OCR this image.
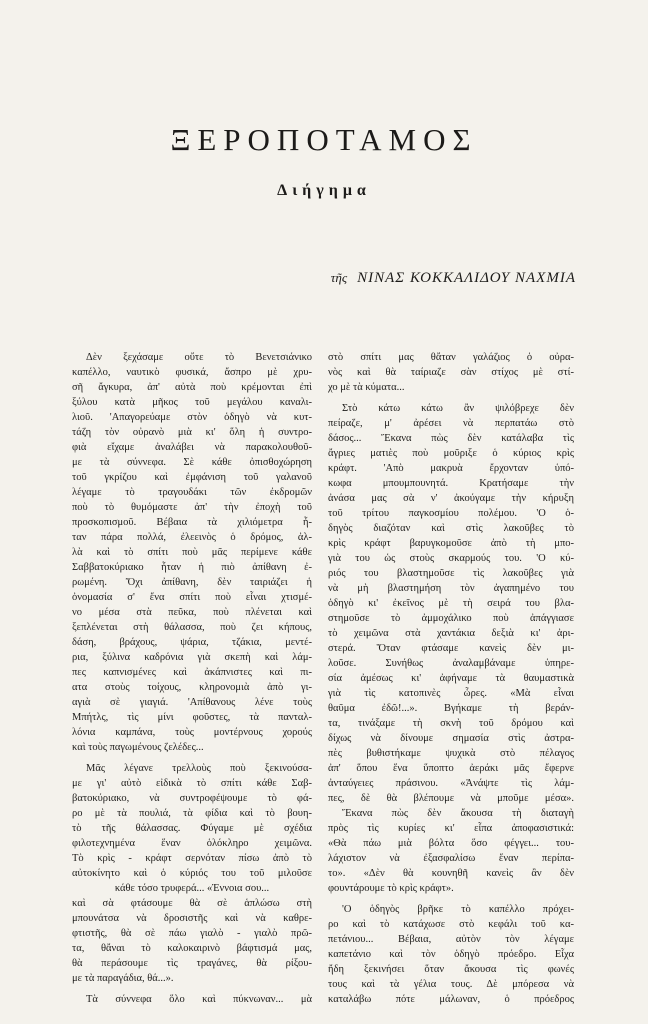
ΞΕΡΟΠΟΤΑΜΟΣ
Διήγημα
τῆς ΝΙΝΑΣ ΚΟΚΚΑΛΙΔΟΥ ΝΑΧΜΙΑ
Δὲν ξεχάσαμε οὔτε τὸ Βενετσιάνικο
καπέλλο, ναυτικὸ φυσικά, ἄσπρο μὲ χρυ-
σῆ ἄγκυρα, ἀπ' αὐτὰ ποὺ κρέμονται ἐπὶ
ξύλου κατὰ μῆκος τοῦ μεγάλου καναλι-
λιοῦ. 'Απαγορεύαμε στὸν ὁδηγὸ νὰ κυτ-
τάζη τὸν οὐρανὸ μιὰ κι' ὅλη ἡ συντρο-
φιὰ εἴχαμε ἀναλάβει νὰ παρακολουθοῦ-
με τὰ σύννεφα. Σὲ κάθε ὀπισθοχώρηση
τοῦ γκρίζου καὶ ἐμφάνιση τοῦ γαλανοῦ
λέγαμε τὸ τραγουδάκι τῶν ἐκδρομῶν
ποὺ τὸ θυμόμαστε ἀπ' τὴν ἐποχὴ τοῦ
προσκοπισμοῦ. Βέβαια τὰ χιλιόμετρα ἦ-
ταν πάρα πολλά, ἐλεεινὸς ὁ δρόμος, ἀλ-
λὰ καὶ τὸ σπίτι ποὺ μᾶς περίμενε κάθε
Σαββατοκύριακο ἦταν ἡ πιὸ ἀπίθανη ἐ-
ρωμένη. Ὄχι ἀπίθανη, δὲν ταιριάζει ἡ
ὀνομασία σ' ἕνα σπίτι ποὺ εἶναι χτισμέ-
νο μέσα στὰ πεῦκα, ποὺ πλένεται καὶ
ξεπλένεται στὴ θάλασσα, ποὺ ζει κήπους,
δάση, βράχους, ψάρια, τζάκια, μεντέ-
ρια, ξύλινα καδρόνια γιὰ σκεπὴ καὶ λάμ-
πες καπνισμένες καὶ ἀκάπνιστες καὶ πι-
ατα στοὺς τοίχους, κληρονομιὰ ἀπὸ γι-
αγιὰ σὲ γιαγιά. 'Απίθανους λένε τοὺς
Μπήτλς, τὶς μίνι φοῦστες, τὰ πανταλ-
λόνια καμπάνα, τοὺς μοντέρνους χορούς
καὶ τοὺς παγωμένους ζελέδες...
Μᾶς λέγανε τρελλοὺς ποὺ ξεκινούσα-
με γι' αὐτὸ εἰδικὰ τὸ σπίτι κάθε Σαβ-
βατοκύριακο, νὰ συντροφέψουμε τὸ φά-
ρο μὲ τὰ πουλιά, τὰ φίδια καὶ τὸ βουη-
τὸ τῆς θάλασσας. Φύγαμε μὲ σχέδια
φιλοτεχνημένα ἕναν ὁλόκληρο χειμῶνα.
Τὸ κρὶς - κράφτ σερνόταν πίσω ἀπὸ τὸ
αὐτοκίνητο καὶ ὁ κύριός του τοῦ μιλοῦσε
κάθε τόσο τρυφερά... «Έννοια σου...
καὶ σὰ φτάσουμε θὰ σὲ ἁπλώσω στὴ
μπουνάτσα νὰ δροσιστῆς καὶ νὰ καθρε-
φτιστῆς, θὰ σὲ πάω γιαλὸ - γιαλὸ πρῶ-
τα, θἄναι τὸ καλοκαιρινὸ βάφτισμά μας,
θὰ περάσουμε τὶς τραγάνες, θὰ ρίξου-
με τὰ παραγάδια, θά...».
Τὰ σύννεφα ὅλο καὶ πύκνωναν... μὰ
στὸ σπίτι μας θἄταν γαλάζιος ὁ οὐρα-
νὸς καὶ θὰ ταίριαζε σὰν στίχος μὲ στί-
χο μὲ τὰ κύματα...
Στὸ κάτω κάτω ἂν ψιλόβρεχε δὲν
πείραζε, μ' ἀρέσει νὰ περπατάω στὸ
δάσος... Ἔκανα πὼς δὲν κατάλαβα τὶς
ἄγριες ματιὲς ποὺ μοῦριξε ὁ κύριος κρὶς
κράφτ. 'Απὸ μακρυὰ ἔρχονταν ὑπό-
κωφα μπουμπουνητά. Κρατήσαμε τὴν
ἀνάσα μας σὰ ν' ἀκούγαμε τὴν κήρυξη
τοῦ τρίτου παγκοσμίου πολέμου. 'Ο ὁ-
δηγὸς διαζόταν καὶ στὶς λακοῦβες τὸ
κρὶς κράφτ βαρυγκομοῦσε ἀπὸ τὴ μπο-
γιὰ του ὡς στοὺς σκαρμούς του. 'Ο κύ-
ριός του βλαστημοῦσε τὶς λακοῦβες γιὰ
νὰ μὴ βλαστημήση τὸν ἀγαπημένο του
ὁδηγὸ κι' ἐκεῖνος μὲ τὴ σειρά του βλα-
στημοῦσε τὸ ἀμμοχάλικο ποὺ ἀπάγγιασε
τὸ χειμῶνα στὰ χαντάκια δεξιὰ κι' ἀρι-
στερά. Ὅταν φτάσαμε κανεὶς δὲν μι-
λοῦσε. Συνήθως ἀναλαμβάναμε ὑπηρε-
σία ἀμέσως κι' ἀφήναμε τὰ θαυμαστικὰ
γιὰ τὶς κατοπινὲς ὧρες. «Μὰ εἶναι
θαῦμα ἐδῶ!...». Βγήκαμε τὴ βεράν-
τα, τινάξαμε τὴ σκνὴ τοῦ δρόμου καὶ
δίχως νὰ δίνουμε σημασία στὶς ἀστρα-
πὲς βυθιστήκαμε ψυχικὰ στὸ πέλαγος
ἀπ' ὅπου ἕνα ὕποπτο ἀεράκι μᾶς ἔφερνε
ἀνταύγειες πράσινου. «Ἀνάψτε τὶς λάμ-
πες, δὲ θὰ βλέπουμε νὰ μποῦμε μέσα».
Ἔκανα πὼς δὲν ἄκουσα τὴ διαταγὴ
πρὸς τὶς κυρίες κι' εἶπα ἀποφασιστικά:
«Θὰ πάω μιὰ βόλτα ὅσο φέγγει... του-
λάχιστον νὰ ἐξασφαλίσω ἕναν περίπα-
το». «Δὲν θὰ κουνηθῆ κανεὶς ἂν δὲν
φουντάρουμε τὸ κρὶς κράφτ».
'Ο ὁδηγὸς βρῆκε τὸ καπέλλο πρόχει-
ρο καὶ τὸ κατάχωσε στὸ κεφάλι τοῦ κα-
πετάνιου... Βέβαια, αὐτὸν τὸν λέγαμε
καπετάνιο καὶ τὸν ὁδηγὸ πρόεδρο. Εἶχα
ἤδη ξεκινήσει ὅταν ἄκουσα τὶς φωνές
τους καὶ τὰ γέλια τους. Δὲ μπόρεσα νὰ
καταλάβω πότε μάλωναν, ὁ πρόεδρος
